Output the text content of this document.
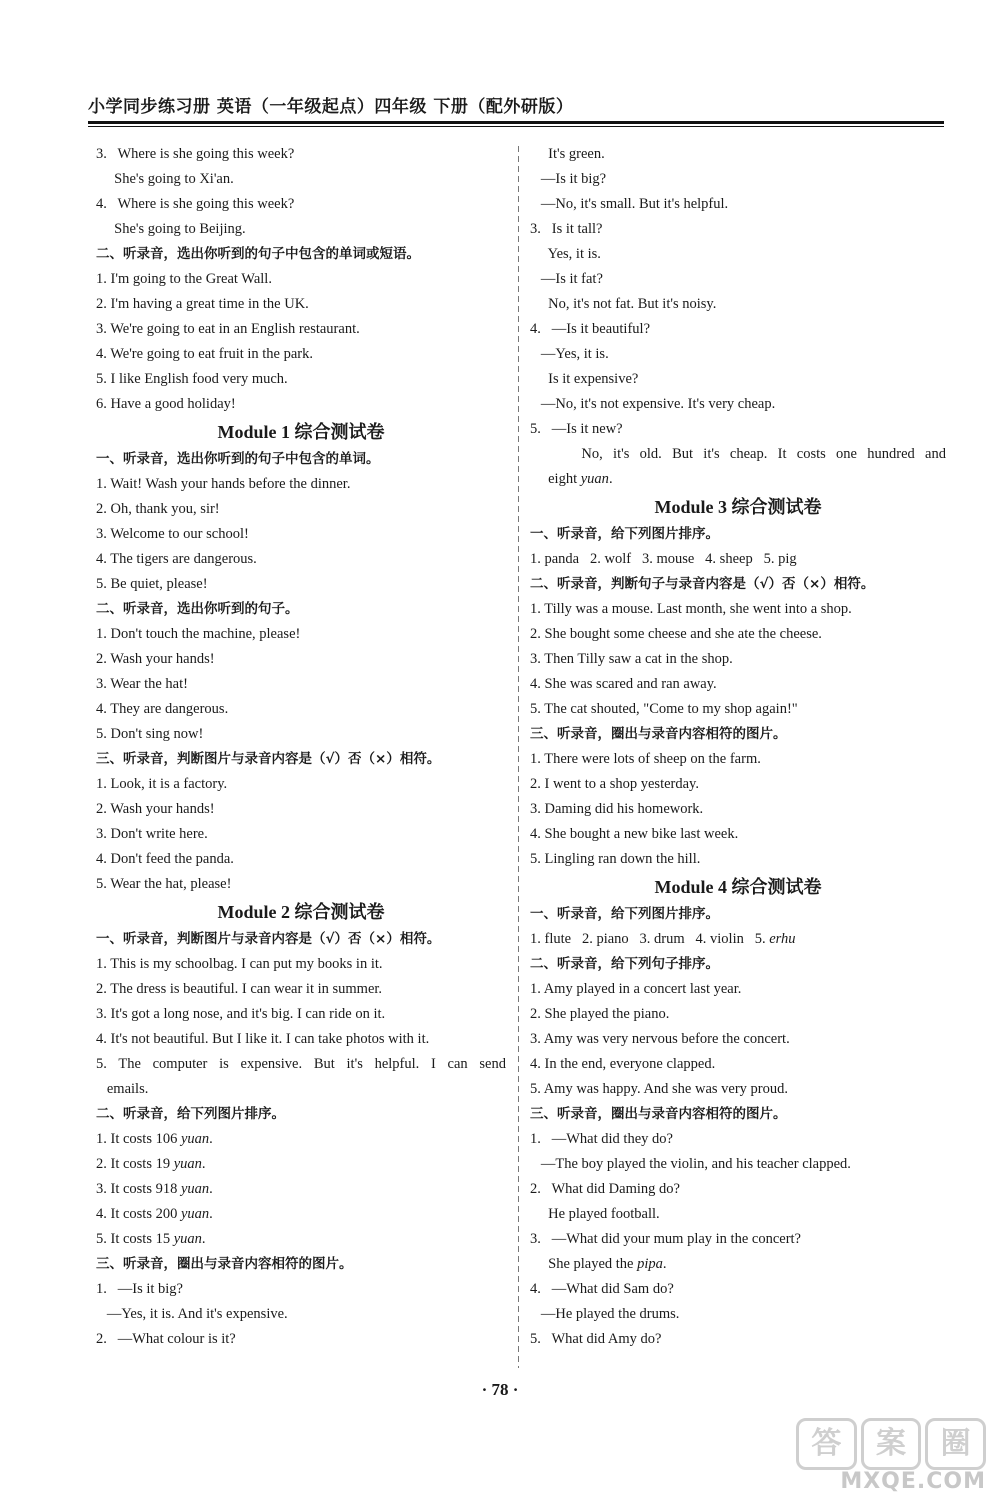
小学同步练习册 英语（一年级起点）四年级 下册（配外研版）
3.   Where is she going this week?
She's going to Xi'an.
4.   Where is she going this week?
She's going to Beijing.
二、听录音，选出你听到的句子中包含的单词或短语。
1. I'm going to the Great Wall.
2. I'm having a great time in the UK.
3. We're going to eat in an English restaurant.
4. We're going to eat fruit in the park.
5. I like English food very much.
6. Have a good holiday!
Module 1 综合测试卷
一、听录音，选出你听到的句子中包含的单词。
1. Wait! Wash your hands before the dinner.
2. Oh, thank you, sir!
3. Welcome to our school!
4. The tigers are dangerous.
5. Be quiet, please!
二、听录音，选出你听到的句子。
1. Don't touch the machine, please!
2. Wash your hands!
3. Wear the hat!
4. They are dangerous.
5. Don't sing now!
三、听录音，判断图片与录音内容是（√）否（×）相符。
1. Look, it is a factory.
2. Wash your hands!
3. Don't write here.
4. Don't feed the panda.
5. Wear the hat, please!
Module 2 综合测试卷
一、听录音，判断图片与录音内容是（√）否（×）相符。
1. This is my schoolbag. I can put my books in it.
2. The dress is beautiful. I can wear it in summer.
3. It's got a long nose, and it's big. I can ride on it.
4. It's not beautiful. But I like it. I can take photos with it.
5. The computer is expensive. But it's helpful. I can send
emails.
二、听录音，给下列图片排序。
1. It costs 106 yuan.
2. It costs 19 yuan.
3. It costs 918 yuan.
4. It costs 200 yuan.
5. It costs 15 yuan.
三、听录音，圈出与录音内容相符的图片。
1.   —Is it big?
—Yes, it is. And it's expensive.
2.   —What colour is it?
It's green.
—Is it big?
—No, it's small. But it's helpful.
3.   Is it tall?
Yes, it is.
—Is it fat?
No, it's not fat. But it's noisy.
4.   —Is it beautiful?
—Yes, it is.
Is it expensive?
—No, it's not expensive. It's very cheap.
5.   —Is it new?
No, it's old. But it's cheap. It costs one hundred and
eight yuan.
Module 3 综合测试卷
一、听录音，给下列图片排序。
1. panda   2. wolf   3. mouse   4. sheep   5. pig
二、听录音，判断句子与录音内容是（√）否（×）相符。
1. Tilly was a mouse. Last month, she went into a shop.
2. She bought some cheese and she ate the cheese.
3. Then Tilly saw a cat in the shop.
4. She was scared and ran away.
5. The cat shouted, "Come to my shop again!"
三、听录音，圈出与录音内容相符的图片。
1. There were lots of sheep on the farm.
2. I went to a shop yesterday.
3. Daming did his homework.
4. She bought a new bike last week.
5. Lingling ran down the hill.
Module 4 综合测试卷
一、听录音，给下列图片排序。
1. flute   2. piano   3. drum   4. violin   5. erhu
二、听录音，给下列句子排序。
1. Amy played in a concert last year.
2. She played the piano.
3. Amy was very nervous before the concert.
4. In the end, everyone clapped.
5. Amy was happy. And she was very proud.
三、听录音，圈出与录音内容相符的图片。
1.   —What did they do?
—The boy played the violin, and his teacher clapped.
2.   What did Daming do?
He played football.
3.   —What did your mum play in the concert?
She played the pipa.
4.   —What did Sam do?
—He played the drums.
5.   What did Amy do?
· 78 ·
答	案	圈
MXQE.COM
